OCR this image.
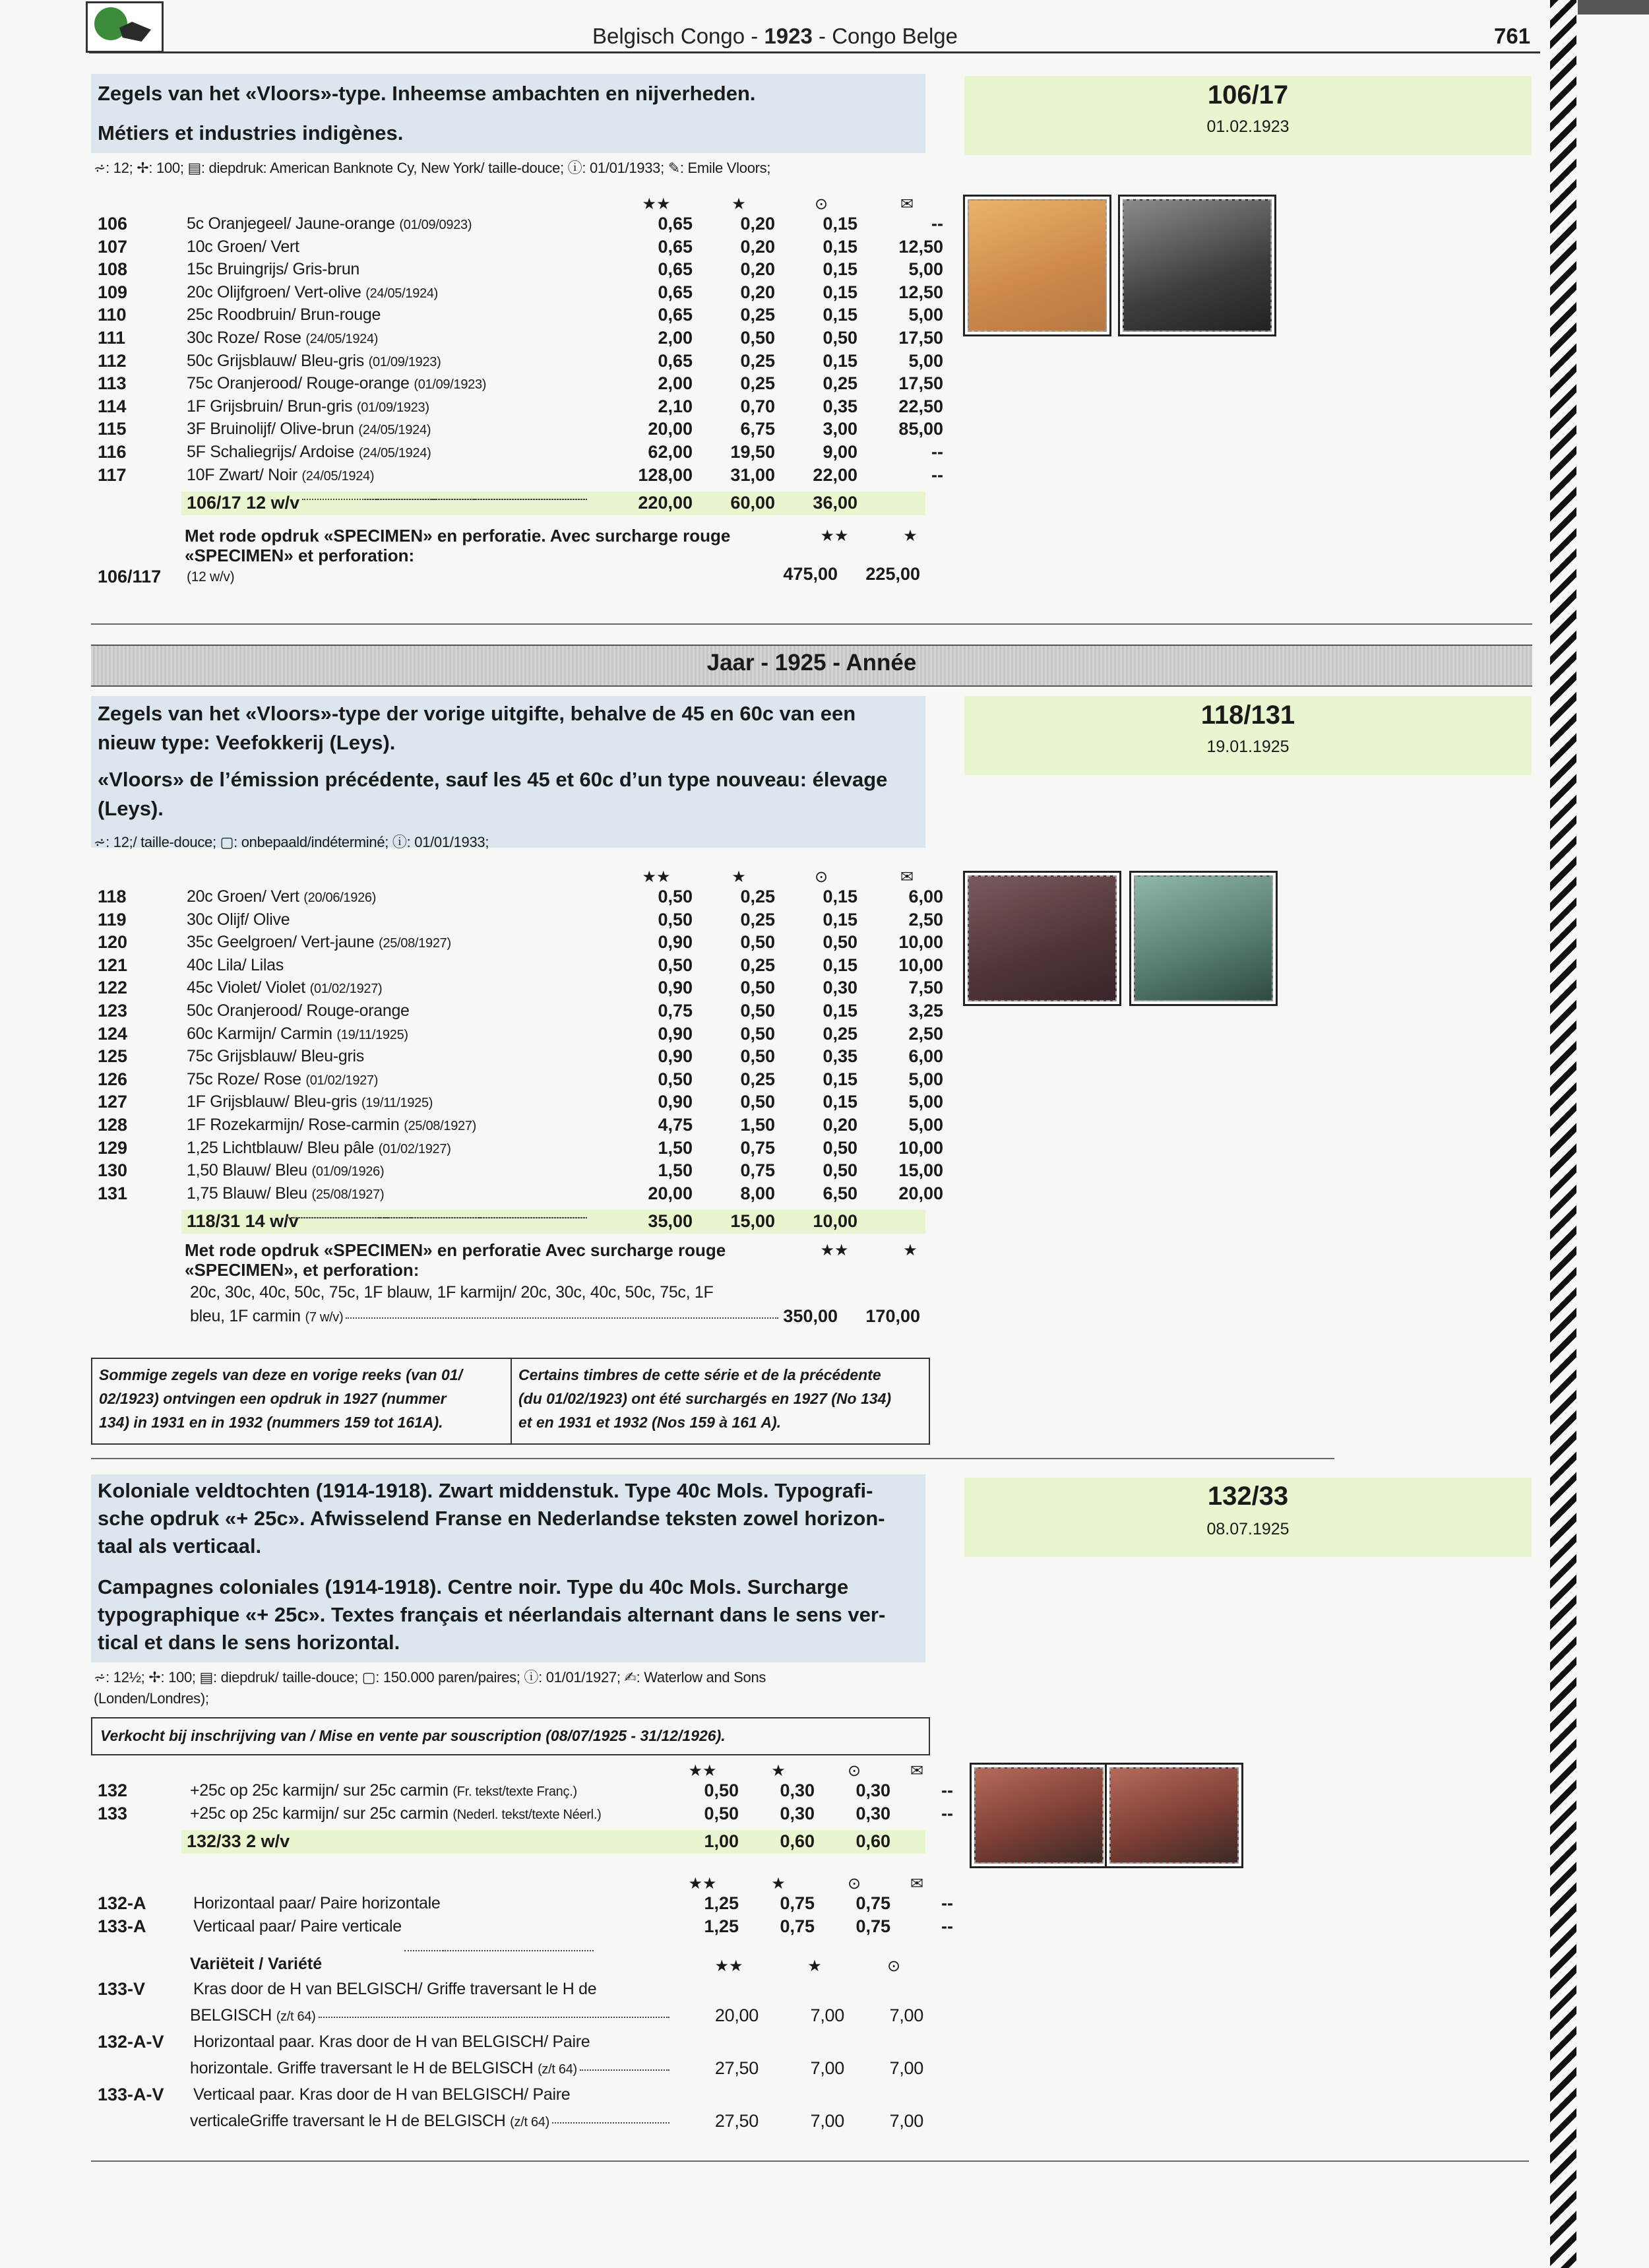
Belgisch Congo - 1923 - Congo Belge	761
Zegels van het «Vloors»-type. Inheemse ambachten en nijverheden.
Métiers et industries indigènes.
⩫: 12; ✢: 100; ▤: diepdruk: American Banknote Cy, New York/ taille-douce; ⓘ: 01/01/1933; ✎: Emile Vloors;
106/17
01.02.1923
Jaar - 1925 - Année
Zegels van het «Vloors»-type der vorige uitgifte, behalve de 45 en 60c van een
nieuw type: Veefokkerij (Leys).
«Vloors» de l’émission précédente, sauf les 45 et 60c d’un type nouveau: élevage
(Leys).
⩫: 12;/ taille-douce; ▢: onbepaald/indéterminé; ⓘ: 01/01/1933;
118/131
19.01.1925
Sommige zegels van deze en vorige reeks (van 01/
02/1923) ontvingen een opdruk in 1927 (nummer
134) in 1931 en in 1932 (nummers 159 tot 161A).
Certains timbres de cette série et de la précédente
(du 01/02/1923) ont été surchargés en 1927 (No 134)
et en 1931 et 1932 (Nos 159 à 161 A).
Koloniale veldtochten (1914-1918). Zwart middenstuk. Type 40c Mols. Typografi-
sche opdruk «+ 25c». Afwisselend Franse en Nederlandse teksten zowel horizon-
taal als verticaal.
Campagnes coloniales (1914-1918). Centre noir. Type du 40c Mols. Surcharge
typographique «+ 25c». Textes français et néerlandais alternant dans le sens ver-
tical et dans le sens horizontal.
⩫: 12½; ✢: 100; ▤: diepdruk/ taille-douce; ▢: 150.000 paren/paires; ⓘ: 01/01/1927; ✍: Waterlow and Sons
(Londen/Londres);
Verkocht bij inschrijving van / Mise en vente par souscription (08/07/1925 - 31/12/1926).
132/33
08.07.1925
★★	★	⊙	✉
106	5c Oranjegeel/ Jaune-orange (01/09/0923)	0,65	0,20	0,15	--
107	10c Groen/ Vert	0,65	0,20	0,15	12,50
108	15c Bruingrijs/ Gris-brun	0,65	0,20	0,15	5,00
109	20c Olijfgroen/ Vert-olive (24/05/1924)	0,65	0,20	0,15	12,50
110	25c Roodbruin/ Brun-rouge	0,65	0,25	0,15	5,00
111	30c Roze/ Rose (24/05/1924)	2,00	0,50	0,50	17,50
112	50c Grijsblauw/ Bleu-gris (01/09/1923)	0,65	0,25	0,15	5,00
113	75c Oranjerood/ Rouge-orange (01/09/1923)	2,00	0,25	0,25	17,50
114	1F Grijsbruin/ Brun-gris (01/09/1923)	2,10	0,70	0,35	22,50
115	3F Bruinolijf/ Olive-brun (24/05/1924)	20,00	6,75	3,00	85,00
116	5F Schaliegrijs/ Ardoise (24/05/1924)	62,00	19,50	9,00	--
117	10F Zwart/ Noir (24/05/1924)	128,00	31,00	22,00	--
106/17 12 w/v	220,00	60,00	36,00
Met rode opdruk «SPECIMEN» en perforatie. Avec surcharge rouge	★★	★
«SPECIMEN» et perforation:
106/117 (12 w/v)	475,00	225,00
★★	★	⊙	✉
118	20c Groen/ Vert (20/06/1926)	0,50	0,25	0,15	6,00
119	30c Olijf/ Olive	0,50	0,25	0,15	2,50
120	35c Geelgroen/ Vert-jaune (25/08/1927)	0,90	0,50	0,50	10,00
121	40c Lila/ Lilas	0,50	0,25	0,15	10,00
122	45c Violet/ Violet (01/02/1927)	0,90	0,50	0,30	7,50
123	50c Oranjerood/ Rouge-orange	0,75	0,50	0,15	3,25
124	60c Karmijn/ Carmin (19/11/1925)	0,90	0,50	0,25	2,50
125	75c Grijsblauw/ Bleu-gris	0,90	0,50	0,35	6,00
126	75c Roze/ Rose (01/02/1927)	0,50	0,25	0,15	5,00
127	1F Grijsblauw/ Bleu-gris (19/11/1925)	0,90	0,50	0,15	5,00
128	1F Rozekarmijn/ Rose-carmin (25/08/1927)	4,75	1,50	0,20	5,00
129	1,25 Lichtblauw/ Bleu pâle (01/02/1927)	1,50	0,75	0,50	10,00
130	1,50 Blauw/ Bleu (01/09/1926)	1,50	0,75	0,50	15,00
131	1,75 Blauw/ Bleu (25/08/1927)	20,00	8,00	6,50	20,00
118/31 14 w/v	35,00	15,00	10,00
Met rode opdruk «SPECIMEN» en perforatie Avec surcharge rouge	★★	★
«SPECIMEN», et perforation:
20c, 30c, 40c, 50c, 75c, 1F blauw, 1F karmijn/ 20c, 30c, 40c, 50c, 75c, 1F
bleu, 1F carmin (7 w/v)	350,00	170,00
★★	★	⊙	✉
132	+25c op 25c karmijn/ sur 25c carmin (Fr. tekst/texte Franç.)	0,50	0,30	0,30	--
133	+25c op 25c karmijn/ sur 25c carmin (Nederl. tekst/texte Néerl.)	0,50	0,30	0,30	--
132/33 2 w/v	1,00	0,60	0,60
★★	★	⊙	✉
132-A	Horizontaal paar/ Paire horizontale	1,25	0,75	0,75	--
133-A	Verticaal paar/ Paire verticale	1,25	0,75	0,75	--
Variëteit / Variété	★★	★	⊙
133-V	Kras door de H van BELGISCH/ Griffe traversant le H de
BELGISCH (z/t 64)	20,00	7,00	7,00
132-A-V Horizontaal paar. Kras door de H van BELGISCH/ Paire
horizontale. Griffe traversant le H de BELGISCH (z/t 64)	27,50	7,00	7,00
133-A-V Verticaal paar. Kras door de H van BELGISCH/ Paire
verticaleGriffe traversant le H de BELGISCH (z/t 64)	27,50	7,00	7,00
